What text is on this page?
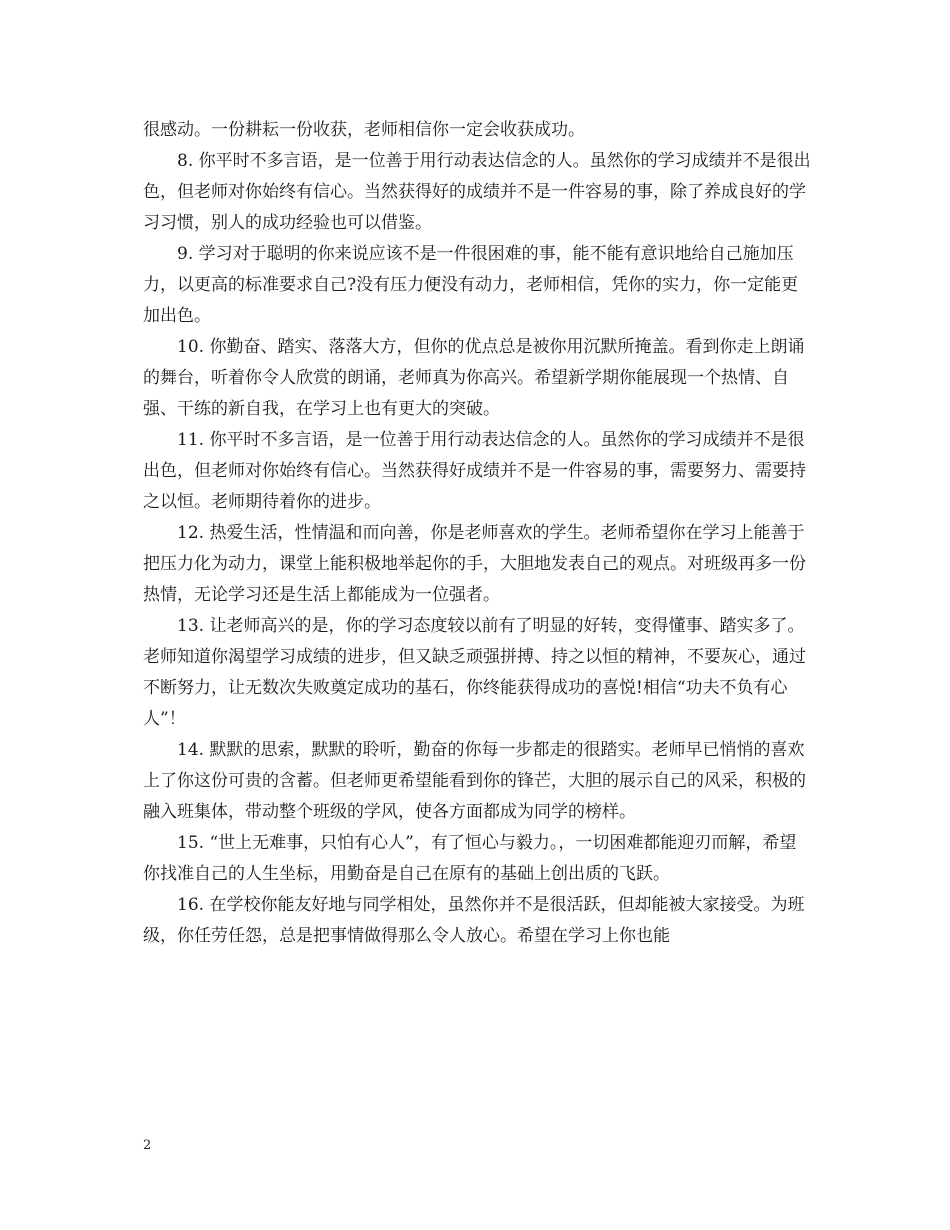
很感动。一份耕耘一份收获，老师相信你一定会收获成功。

8. 你平时不多言语，是一位善于用行动表达信念的人。虽然你的学习成绩并不是很出色，但老师对你始终有信心。当然获得好的成绩并不是一件容易的事，除了养成良好的学习习惯，别人的成功经验也可以借鉴。

9. 学习对于聪明的你来说应该不是一件很困难的事，能不能有意识地给自己施加压力，以更高的标准要求自己?没有压力便没有动力，老师相信，凭你的实力，你一定能更加出色。

10. 你勤奋、踏实、落落大方，但你的优点总是被你用沉默所掩盖。看到你走上朗诵的舞台，听着你令人欣赏的朗诵，老师真为你高兴。希望新学期你能展现一个热情、自强、干练的新自我，在学习上也有更大的突破。

11. 你平时不多言语，是一位善于用行动表达信念的人。虽然你的学习成绩并不是很出色，但老师对你始终有信心。当然获得好成绩并不是一件容易的事，需要努力、需要持之以恒。老师期待着你的进步。

12. 热爱生活，性情温和而向善，你是老师喜欢的学生。老师希望你在学习上能善于把压力化为动力，课堂上能积极地举起你的手，大胆地发表自己的观点。对班级再多一份热情，无论学习还是生活上都能成为一位强者。

13. 让老师高兴的是，你的学习态度较以前有了明显的好转，变得懂事、踏实多了。老师知道你渴望学习成绩的进步，但又缺乏顽强拼搏、持之以恒的精神，不要灰心，通过不断努力，让无数次失败奠定成功的基石，你终能获得成功的喜悦!相信“功夫不负有心人”！

14. 默默的思索，默默的聆听，勤奋的你每一步都走的很踏实。老师早已悄悄的喜欢上了你这份可贵的含蓄。但老师更希望能看到你的锋芒，大胆的展示自己的风采，积极的融入班集体，带动整个班级的学风，使各方面都成为同学的榜样。

15. “世上无难事，只怕有心人”，有了恒心与毅力。，一切困难都能迎刃而解，希望你找准自己的人生坐标，用勤奋是自己在原有的基础上创出质的飞跃。

16. 在学校你能友好地与同学相处，虽然你并不是很活跃，但却能被大家接受。为班级，你任劳任怨，总是把事情做得那么令人放心。希望在学习上你也能

2
